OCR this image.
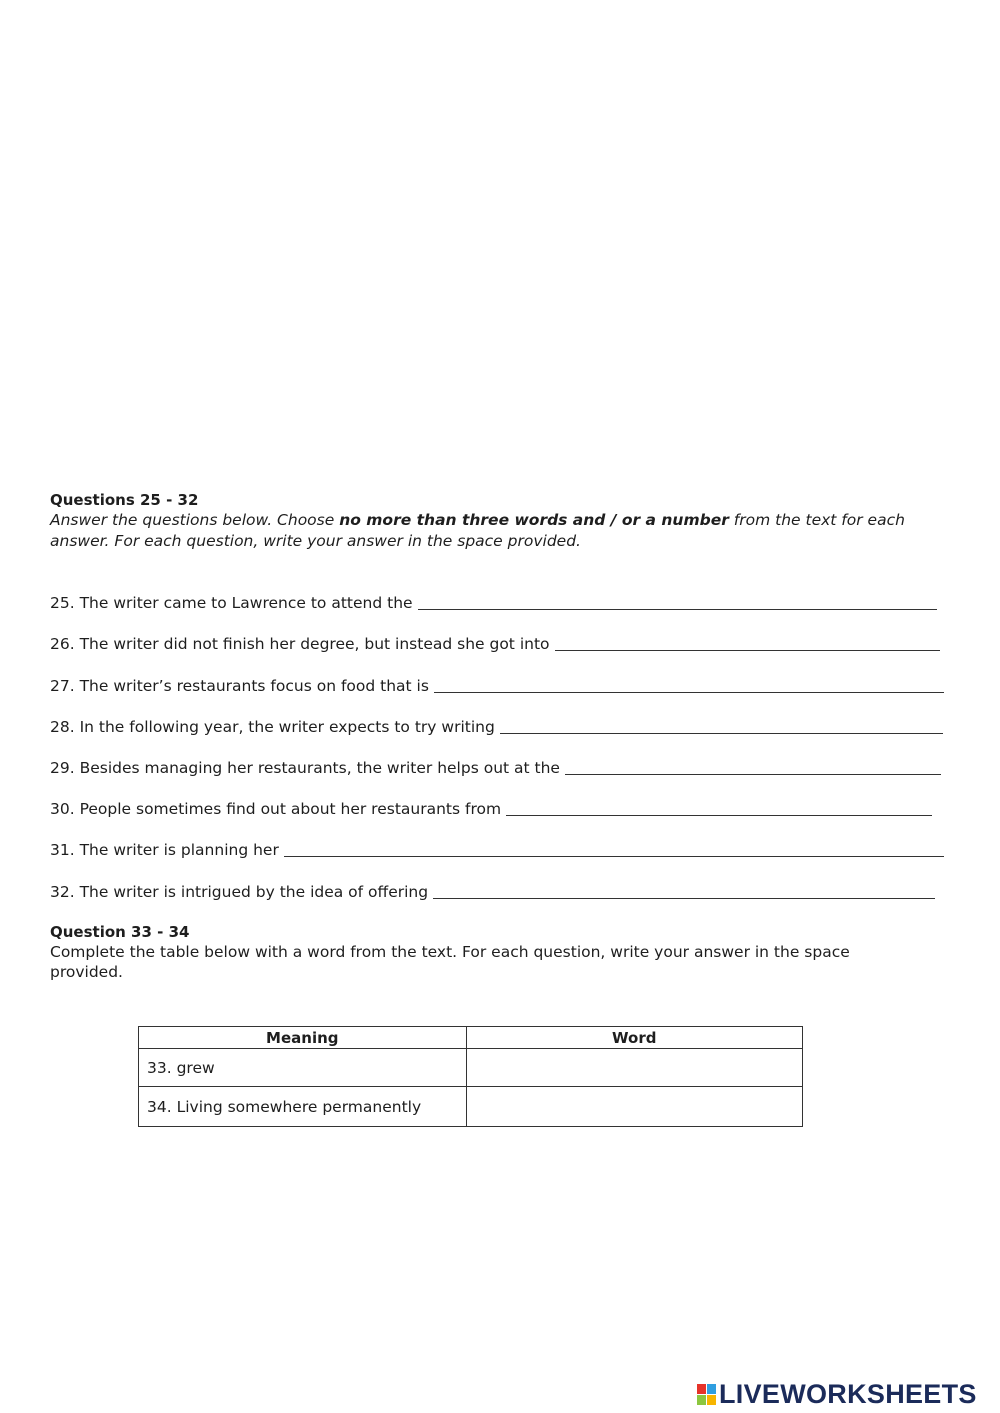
Questions 25 - 32

Answer the questions below. Choose no more than three words and / or a number from the text for each answer. For each question, write your answer in the space provided.

25. The writer came to Lawrence to attend the
26. The writer did not finish her degree, but instead she got into
27. The writer’s restaurants focus on food that is
28. In the following year, the writer expects to try writing
29. Besides managing her restaurants, the writer helps out at the
30. People sometimes find out about her restaurants from
31. The writer is planning her
32. The writer is intrigued by the idea of offering

Question 33 - 34

Complete the table below with a word from the text. For each question, write your answer in the space provided.

Meaning	Word
33. grew	
34. Living somewhere permanently	
LIVEWORKSHEETS
